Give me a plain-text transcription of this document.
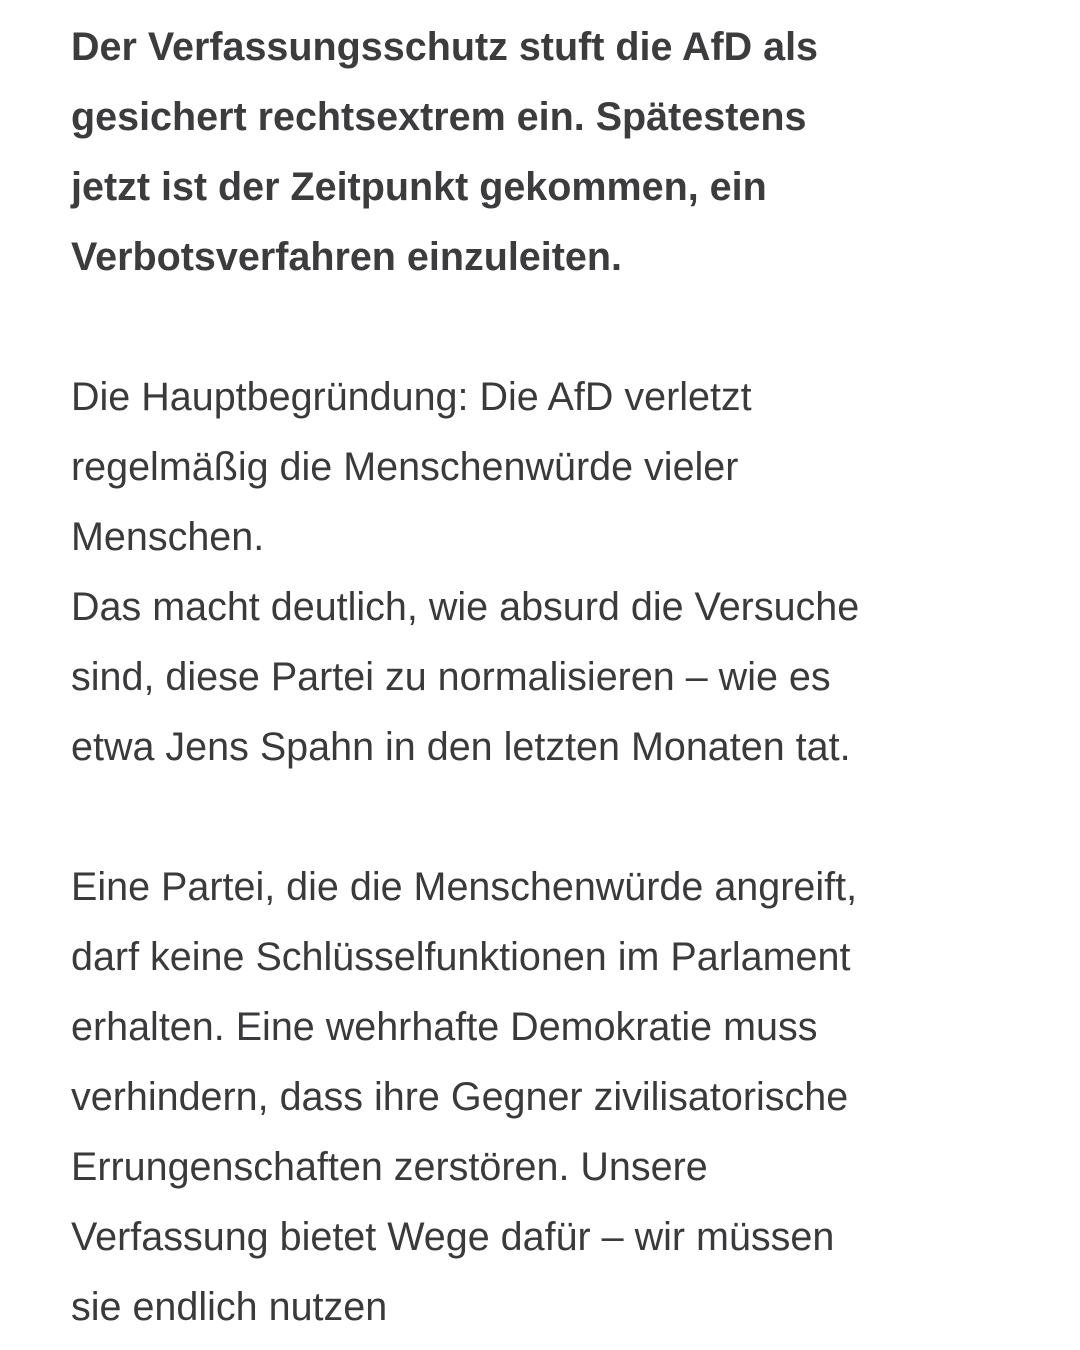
Der Verfassungsschutz stuft die AfD als
gesichert rechtsextrem ein. Spätestens
jetzt ist der Zeitpunkt gekommen, ein
Verbotsverfahren einzuleiten.
Die Hauptbegründung: Die AfD verletzt
regelmäßig die Menschenwürde vieler
Menschen.
Das macht deutlich, wie absurd die Versuche
sind, diese Partei zu normalisieren – wie es
etwa Jens Spahn in den letzten Monaten tat.
Eine Partei, die die Menschenwürde angreift,
darf keine Schlüsselfunktionen im Parlament
erhalten. Eine wehrhafte Demokratie muss
verhindern, dass ihre Gegner zivilisatorische
Errungenschaften zerstören. Unsere
Verfassung bietet Wege dafür – wir müssen
sie endlich nutzen
